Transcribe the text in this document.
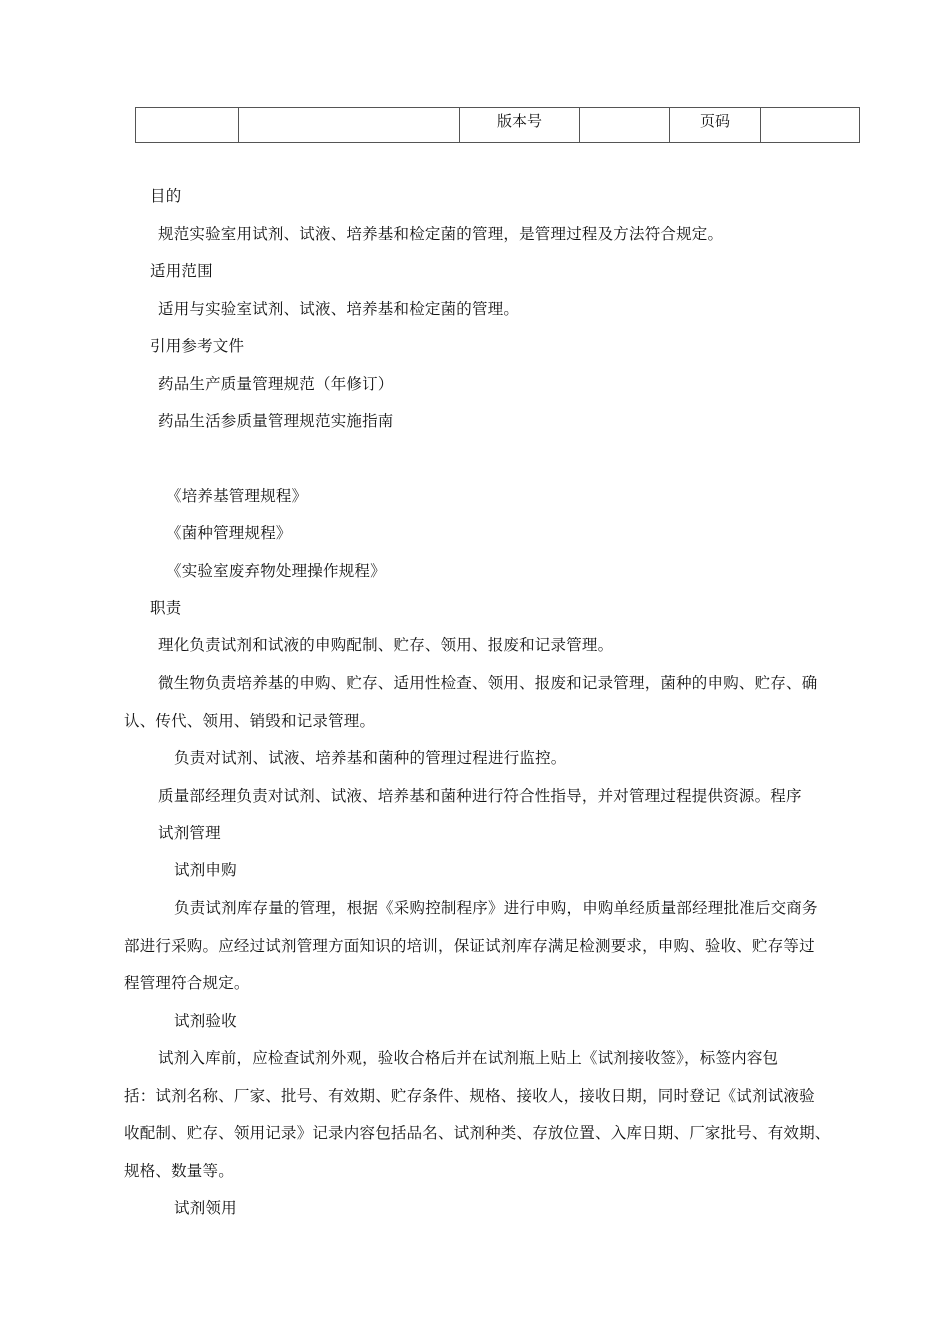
		版本号		页码	
目的
规范实验室用试剂、试液、培养基和检定菌的管理，是管理过程及方法符合规定。
适用范围
适用与实验室试剂、试液、培养基和检定菌的管理。
引用参考文件
药品生产质量管理规范（年修订）
药品生活参质量管理规范实施指南
《培养基管理规程》
《菌种管理规程》
《实验室废弃物处理操作规程》
职责
理化负责试剂和试液的申购配制、贮存、领用、报废和记录管理。
微生物负责培养基的申购、贮存、适用性检查、领用、报废和记录管理，菌种的申购、贮存、确
认、传代、领用、销毁和记录管理。
负责对试剂、试液、培养基和菌种的管理过程进行监控。
质量部经理负责对试剂、试液、培养基和菌种进行符合性指导，并对管理过程提供资源。程序
试剂管理
试剂申购
负责试剂库存量的管理，根据《采购控制程序》进行申购，申购单经质量部经理批准后交商务
部进行采购。应经过试剂管理方面知识的培训，保证试剂库存满足检测要求，申购、验收、贮存等过
程管理符合规定。
试剂验收
试剂入库前，应检查试剂外观，验收合格后并在试剂瓶上贴上《试剂接收签》，标签内容包
括：试剂名称、厂家、批号、有效期、贮存条件、规格、接收人，接收日期，同时登记《试剂试液验
收配制、贮存、领用记录》记录内容包括品名、试剂种类、存放位置、入库日期、厂家批号、有效期、
规格、数量等。
试剂领用
